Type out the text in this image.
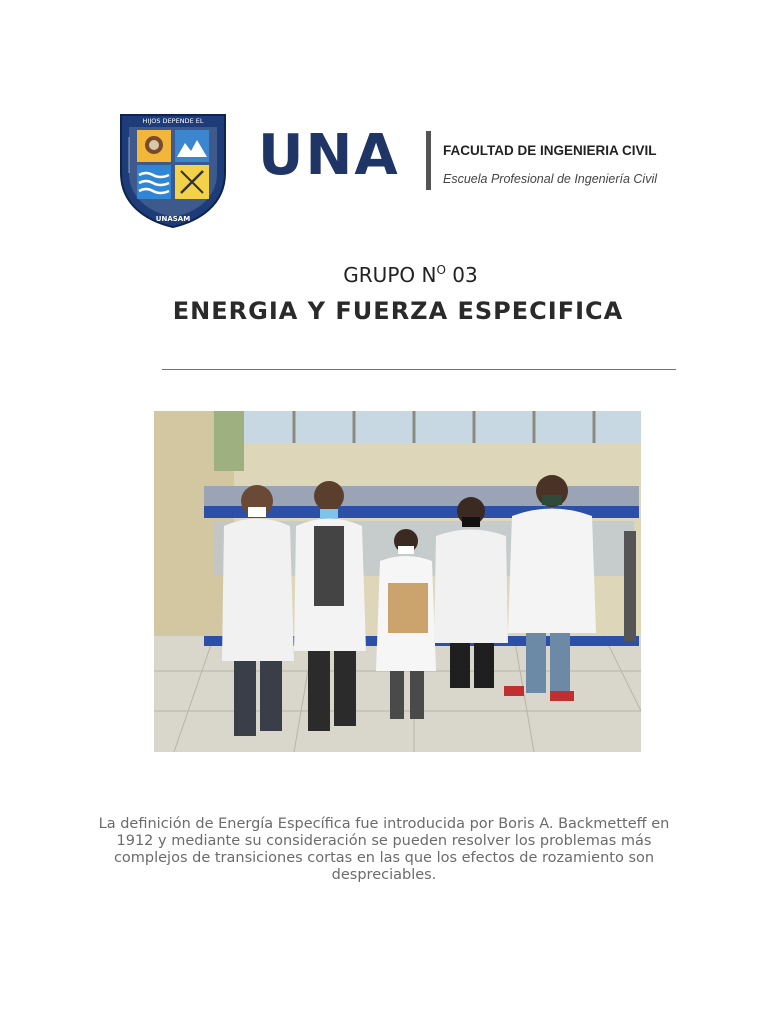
HIJOS DEPENDE EL
UNASAM
UNA	FACULTAD DE INGENIERIA CIVIL
Escuela Profesional de Ingeniería Civil
GRUPO $N^O$ 03
ENERGIA Y FUERZA ESPECIFICA
La definición de Energía Específica fue introducida por Boris A. Backmetteff en 1912 y mediante su consideración se pueden resolver los problemas más complejos de transiciones cortas en las que los efectos de rozamiento son despreciables.
